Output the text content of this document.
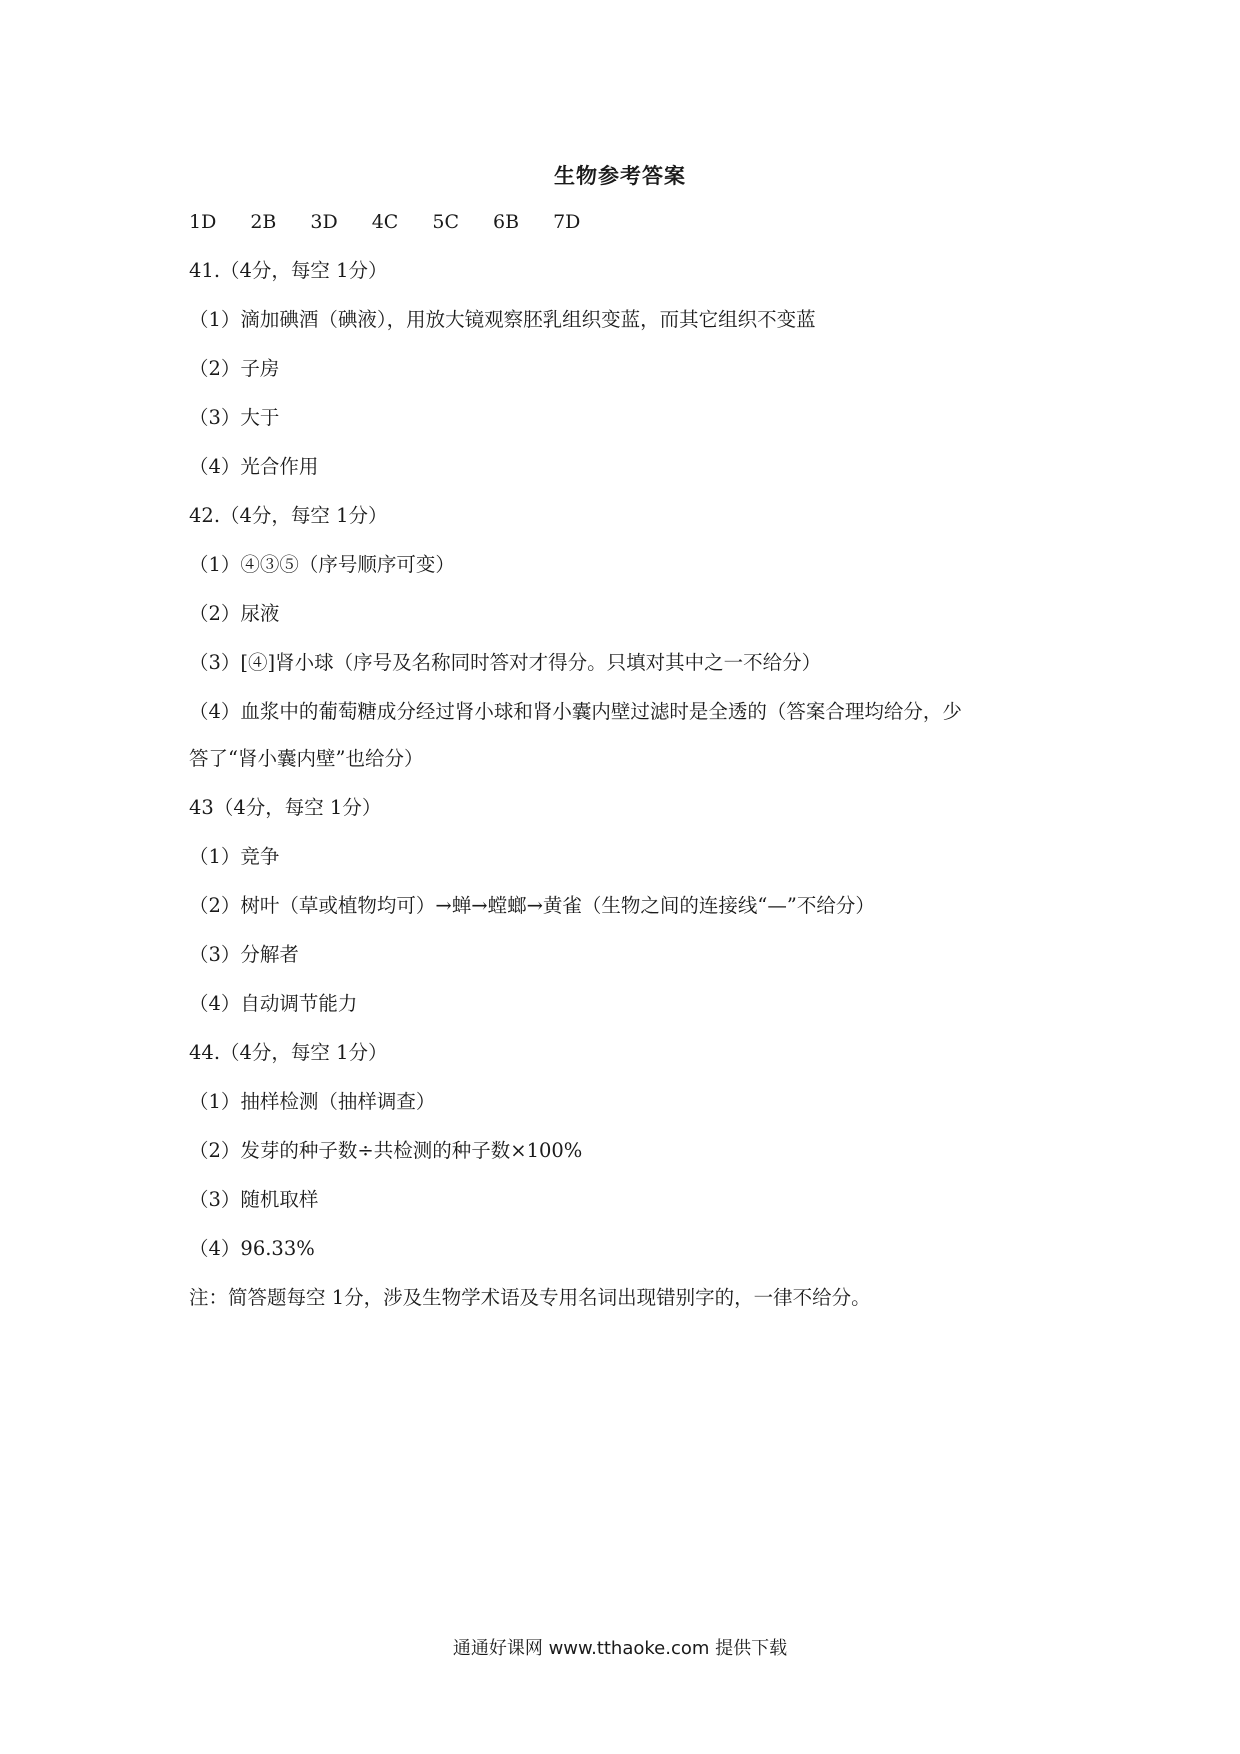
生物参考答案
1D 2B 3D 4C 5C 6B 7D
41.（4分，每空 1分）
（1）滴加碘酒（碘液），用放大镜观察胚乳组织变蓝，而其它组织不变蓝
（2）子房
（3）大于
（4）光合作用
42.（4分，每空 1分）
（1）④③⑤（序号顺序可变）
（2）尿液
（3）[④]肾小球（序号及名称同时答对才得分。只填对其中之一不给分）
（4）血浆中的葡萄糖成分经过肾小球和肾小囊内壁过滤时是全透的（答案合理均给分，少
答了“肾小囊内壁”也给分）
43（4分，每空 1分）
（1）竞争
（2）树叶（草或植物均可）→蝉→螳螂→黄雀（生物之间的连接线“—”不给分）
（3）分解者
（4）自动调节能力
44.（4分，每空 1分）
（1）抽样检测（抽样调查）
（2）发芽的种子数÷共检测的种子数×100%
（3）随机取样
（4）96.33%
注：简答题每空 1分，涉及生物学术语及专用名词出现错别字的，一律不给分。
通通好课网 www.tthaoke.com 提供下载
